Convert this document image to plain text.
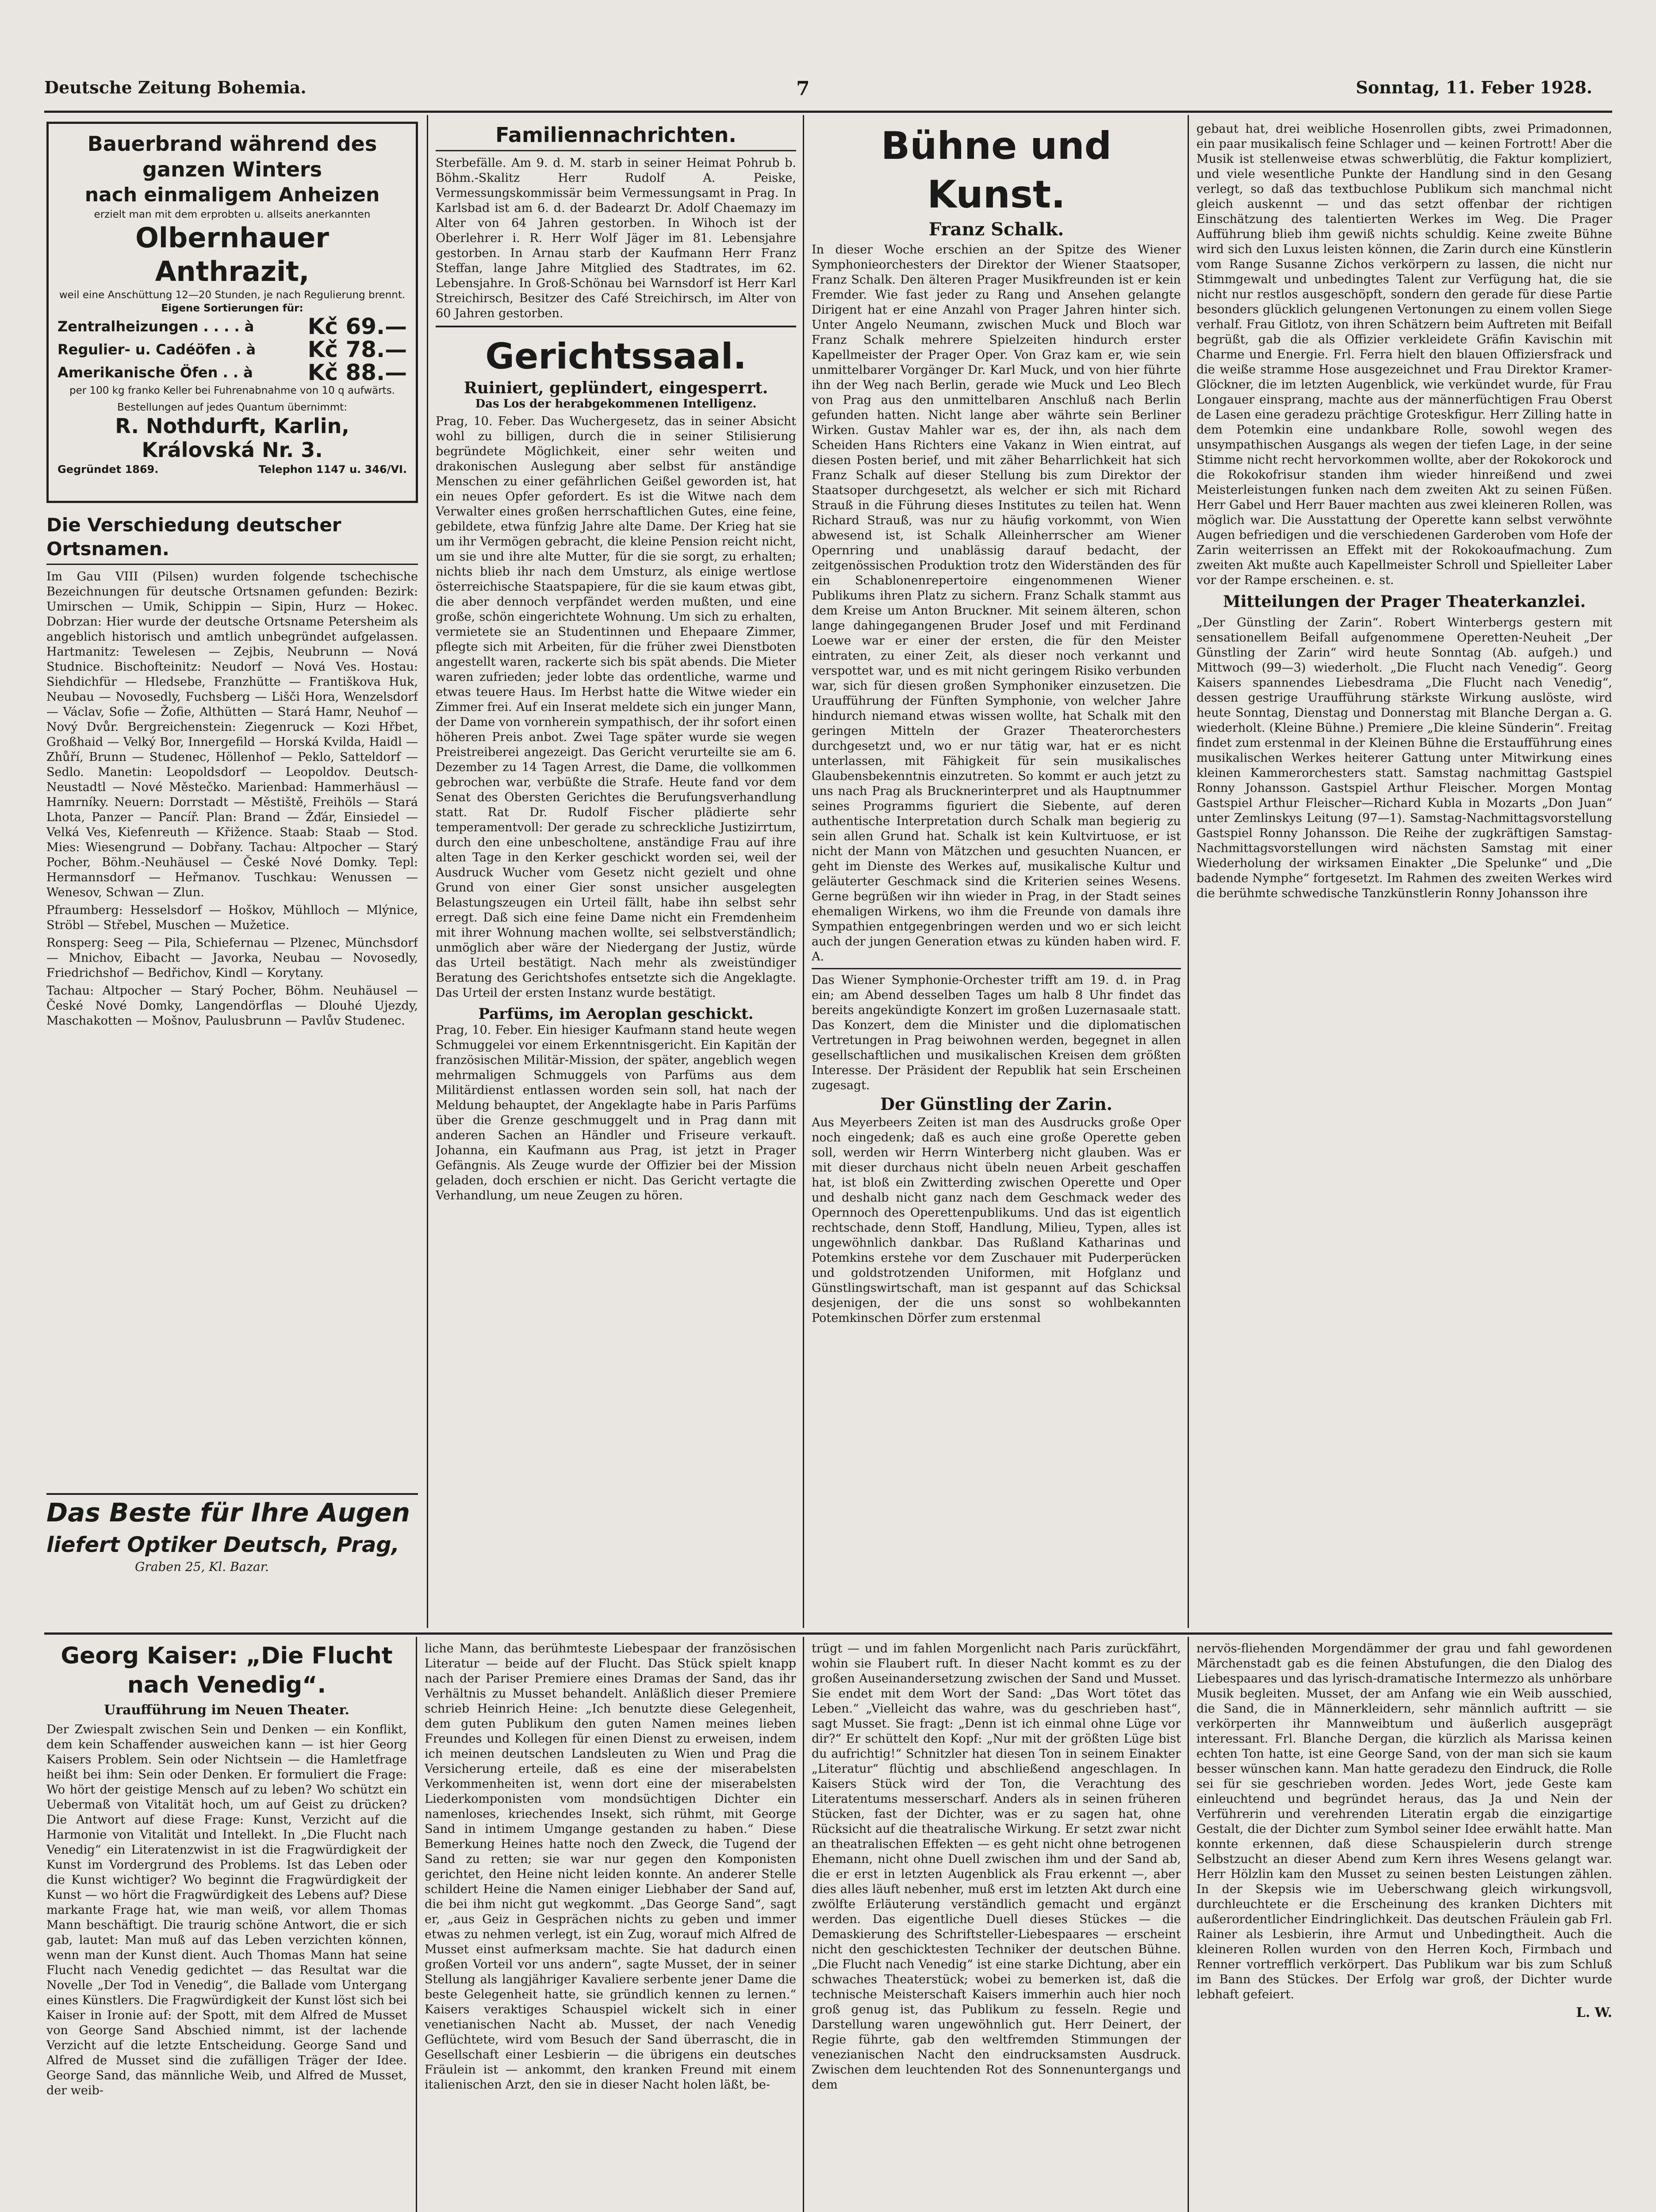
Deutsche Zeitung Bohemia.	7	Sonntag, 11. Feber 1928.
Bauerbrand während des ganzen Winters
nach einmaligem Anheizen
erzielt man mit dem erprobten u. allseits anerkannten
Olbernhauer Anthrazit,
weil eine Anschüttung 12—20 Stunden, je nach Regulierung brennt.
Eigene Sortierungen für:
Zentralheizungen . . . . à Kč 69.—
Regulier- u. Cadéöfen . à Kč 78.—
Amerikanische Öfen . . à Kč 88.—
per 100 kg franko Keller bei Fuhrenabnahme von 10 q aufwärts.
Bestellungen auf jedes Quantum übernimmt:
R. Nothdurft, Karlin, Královská Nr. 3.
Gegründet 1869.	Telephon 1147 u. 346/VI.
Die Verschiedung deutscher Ortsnamen.

Im Gau VIII (Pilsen) wurden folgende tschechische Bezeichnungen für deutsche Ortsnamen gefunden: Bezirk: Umirschen — Umik, Schippin — Sipin, Hurz — Hokec. Dobrzan: Hier wurde der deutsche Ortsname Petersheim als angeblich historisch und amtlich unbegründet aufgelassen. Hartmanitz: Tewelesen — Zejbis, Neubrunn — Nová Studnice. Bischofteinitz: Neudorf — Nová Ves. Hostau: Siehdichfür — Hledsebe, Franzhütte — Františkova Huk, Neubau — Novosedly, Fuchsberg — Lišči Hora, Wenzelsdorf — Václav, Sofie — Žofie, Althütten — Stará Hamr, Neuhof — Nový Dvůr. Bergreichenstein: Ziegenruck — Kozi Hřbet, Großhaid — Velký Bor, Innergefild — Horská Kvilda, Haidl — Zhůří, Brunn — Studenec, Höllenhof — Peklo, Satteldorf — Sedlo. Manetin: Leopoldsdorf — Leopoldov. Deutsch-Neustadtl — Nové Městečko. Marienbad: Hammerhäusl — Hamrníky. Neuern: Dorrstadt — Městiště, Freihöls — Stará Lhota, Panzer — Pancíř. Plan: Brand — Žďár, Einsiedel — Velká Ves, Kiefenreuth — Křižence. Staab: Staab — Stod. Mies: Wiesengrund — Dobřany. Tachau: Altpocher — Starý Pocher, Böhm.-Neuhäusel — České Nové Domky. Tepl: Hermannsdorf — Heřmanov. Tuschkau: Wenussen — Wenesov, Schwan — Zlun.

Pfraumberg: Hesselsdorf — Hoškov, Mühlloch — Mlýnice, Ströbl — Střebel, Muschen — Mužetice.

Ronsperg: Seeg — Pila, Schiefernau — Plzenec, Münchsdorf — Mnichov, Eibacht — Javorka, Neubau — Novosedly, Friedrichshof — Bedřichov, Kindl — Korytany.

Tachau: Altpocher — Starý Pocher, Böhm. Neuhäusel — České Nové Domky, Langendörflas — Dlouhé Ujezdy, Maschakotten — Mošnov, Paulusbrunn — Pavlův Studenec.

Das Beste für Ihre Augen
liefert Optiker Deutsch, Prag,
Graben 25, Kl. Bazar.
Familiennachrichten.

Sterbefälle. Am 9. d. M. starb in seiner Heimat Pohrub b. Böhm.-Skalitz Herr Rudolf A. Peiske, Vermessungskommissär beim Vermessungsamt in Prag. In Karlsbad ist am 6. d. der Badearzt Dr. Adolf Chaemazy im Alter von 64 Jahren gestorben. In Wihoch ist der Oberlehrer i. R. Herr Wolf Jäger im 81. Lebensjahre gestorben. In Arnau starb der Kaufmann Herr Franz Steffan, lange Jahre Mitglied des Stadtrates, im 62. Lebensjahre. In Groß-Schönau bei Warnsdorf ist Herr Karl Streichirsch, Besitzer des Café Streichirsch, im Alter von 60 Jahren gestorben.

Gerichtssaal.
Ruiniert, geplündert, eingesperrt.
Das Los der herabgekommenen Intelligenz.

Prag, 10. Feber. Das Wuchergesetz, das in seiner Absicht wohl zu billigen, durch die in seiner Stilisierung begründete Möglichkeit, einer sehr weiten und drakonischen Auslegung aber selbst für anständige Menschen zu einer gefährlichen Geißel geworden ist, hat ein neues Opfer gefordert. Es ist die Witwe nach dem Verwalter eines großen herrschaftlichen Gutes, eine feine, gebildete, etwa fünfzig Jahre alte Dame. Der Krieg hat sie um ihr Vermögen gebracht, die kleine Pension reicht nicht, um sie und ihre alte Mutter, für die sie sorgt, zu erhalten; nichts blieb ihr nach dem Umsturz, als einige wertlose österreichische Staatspapiere, für die sie kaum etwas gibt, die aber dennoch verpfändet werden mußten, und eine große, schön eingerichtete Wohnung. Um sich zu erhalten, vermietete sie an Studentinnen und Ehepaare Zimmer, pflegte sich mit Arbeiten, für die früher zwei Dienstboten angestellt waren, rackerte sich bis spät abends. Die Mieter waren zufrieden; jeder lobte das ordentliche, warme und etwas teuere Haus. Im Herbst hatte die Witwe wieder ein Zimmer frei. Auf ein Inserat meldete sich ein junger Mann, der Dame von vornherein sympathisch, der ihr sofort einen höheren Preis anbot. Zwei Tage später wurde sie wegen Preistreiberei angezeigt. Das Gericht verurteilte sie am 6. Dezember zu 14 Tagen Arrest, die Dame, die vollkommen gebrochen war, verbüßte die Strafe. Heute fand vor dem Senat des Obersten Gerichtes die Berufungsverhandlung statt. Rat Dr. Rudolf Fischer plädierte sehr temperamentvoll: Der gerade zu schreckliche Justizirrtum, durch den eine unbescholtene, anständige Frau auf ihre alten Tage in den Kerker geschickt worden sei, weil der Ausdruck Wucher vom Gesetz nicht gezielt und ohne Grund von einer Gier sonst unsicher ausgelegten Belastungszeugen ein Urteil fällt, habe ihn selbst sehr erregt. Daß sich eine feine Dame nicht ein Fremdenheim mit ihrer Wohnung machen wollte, sei selbstverständlich; unmöglich aber wäre der Niedergang der Justiz, würde das Urteil bestätigt. Nach mehr als zweistündiger Beratung des Gerichtshofes entsetzte sich die Angeklagte. Das Urteil der ersten Instanz wurde bestätigt.

Parfüms, im Aeroplan geschickt.

Prag, 10. Feber. Ein hiesiger Kaufmann stand heute wegen Schmuggelei vor einem Erkenntnisgericht. Ein Kapitän der französischen Militär-Mission, der später, angeblich wegen mehrmaligen Schmuggels von Parfüms aus dem Militärdienst entlassen worden sein soll, hat nach der Meldung behauptet, der Angeklagte habe in Paris Parfüms über die Grenze geschmuggelt und in Prag dann mit anderen Sachen an Händler und Friseure verkauft. Johanna, ein Kaufmann aus Prag, ist jetzt in Prager Gefängnis. Als Zeuge wurde der Offizier bei der Mission geladen, doch erschien er nicht. Das Gericht vertagte die Verhandlung, um neue Zeugen zu hören.

Bühne und Kunst.
Franz Schalk.

In dieser Woche erschien an der Spitze des Wiener Symphonieorchesters der Direktor der Wiener Staatsoper, Franz Schalk. Den älteren Prager Musikfreunden ist er kein Fremder. Wie fast jeder zu Rang und Ansehen gelangte Dirigent hat er eine Anzahl von Prager Jahren hinter sich. Unter Angelo Neumann, zwischen Muck und Bloch war Franz Schalk mehrere Spielzeiten hindurch erster Kapellmeister der Prager Oper. Von Graz kam er, wie sein unmittelbarer Vorgänger Dr. Karl Muck, und von hier führte ihn der Weg nach Berlin, gerade wie Muck und Leo Blech von Prag aus den unmittelbaren Anschluß nach Berlin gefunden hatten. Nicht lange aber währte sein Berliner Wirken. Gustav Mahler war es, der ihn, als nach dem Scheiden Hans Richters eine Vakanz in Wien eintrat, auf diesen Posten berief, und mit zäher Beharrlichkeit hat sich Franz Schalk auf dieser Stellung bis zum Direktor der Staatsoper durchgesetzt, als welcher er sich mit Richard Strauß in die Führung dieses Institutes zu teilen hat. Wenn Richard Strauß, was nur zu häufig vorkommt, von Wien abwesend ist, ist Schalk Alleinherrscher am Wiener Opernring und unablässig darauf bedacht, der zeitgenössischen Produktion trotz den Widerständen des für ein Schablonenrepertoire eingenommenen Wiener Publikums ihren Platz zu sichern. Franz Schalk stammt aus dem Kreise um Anton Bruckner. Mit seinem älteren, schon lange dahingegangenen Bruder Josef und mit Ferdinand Loewe war er einer der ersten, die für den Meister eintraten, zu einer Zeit, als dieser noch verkannt und verspottet war, und es mit nicht geringem Risiko verbunden war, sich für diesen großen Symphoniker einzusetzen. Die Uraufführung der Fünften Symphonie, von welcher Jahre hindurch niemand etwas wissen wollte, hat Schalk mit den geringen Mitteln der Grazer Theaterorchesters durchgesetzt und, wo er nur tätig war, hat er es nicht unterlassen, mit Fähigkeit für sein musikalisches Glaubensbekenntnis einzutreten. So kommt er auch jetzt zu uns nach Prag als Brucknerinterpret und als Hauptnummer seines Programms figuriert die Siebente, auf deren authentische Interpretation durch Schalk man begierig zu sein allen Grund hat. Schalk ist kein Kultvirtuose, er ist nicht der Mann von Mätzchen und gesuchten Nuancen, er geht im Dienste des Werkes auf, musikalische Kultur und geläuterter Geschmack sind die Kriterien seines Wesens. Gerne begrüßen wir ihn wieder in Prag, in der Stadt seines ehemaligen Wirkens, wo ihm die Freunde von damals ihre Sympathien entgegenbringen werden und wo er sich leicht auch der jungen Generation etwas zu künden haben wird. F. A.

Das Wiener Symphonie-Orchester trifft am 19. d. in Prag ein; am Abend desselben Tages um halb 8 Uhr findet das bereits angekündigte Konzert im großen Luzernasaale statt. Das Konzert, dem die Minister und die diplomatischen Vertretungen in Prag beiwohnen werden, begegnet in allen gesellschaftlichen und musikalischen Kreisen dem größten Interesse. Der Präsident der Republik hat sein Erscheinen zugesagt.

Der Günstling der Zarin.

Aus Meyerbeers Zeiten ist man des Ausdrucks große Oper noch eingedenk; daß es auch eine große Operette geben soll, werden wir Herrn Winterberg nicht glauben. Was er mit dieser durchaus nicht übeln neuen Arbeit geschaffen hat, ist bloß ein Zwitterding zwischen Operette und Oper und deshalb nicht ganz nach dem Geschmack weder des Opernnoch des Operettenpublikums. Und das ist eigentlich rechtschade, denn Stoff, Handlung, Milieu, Typen, alles ist ungewöhnlich dankbar. Das Rußland Katharinas und Potemkins erstehe vor dem Zuschauer mit Puderperücken und goldstrotzenden Uniformen, mit Hofglanz und Günstlingswirtschaft, man ist gespannt auf das Schicksal desjenigen, der die uns sonst so wohlbekannten Potemkinschen Dörfer zum erstenmal

gebaut hat, drei weibliche Hosenrollen gibts, zwei Primadonnen, ein paar musikalisch feine Schlager und — keinen Fortrott! Aber die Musik ist stellenweise etwas schwerblütig, die Faktur kompliziert, und viele wesentliche Punkte der Handlung sind in den Gesang verlegt, so daß das textbuchlose Publikum sich manchmal nicht gleich auskennt — und das setzt offenbar der richtigen Einschätzung des talentierten Werkes im Weg. Die Prager Aufführung blieb ihm gewiß nichts schuldig. Keine zweite Bühne wird sich den Luxus leisten können, die Zarin durch eine Künstlerin vom Range Susanne Zichos verkörpern zu lassen, die nicht nur Stimmgewalt und unbedingtes Talent zur Verfügung hat, die sie nicht nur restlos ausgeschöpft, sondern den gerade für diese Partie besonders glücklich gelungenen Vertonungen zu einem vollen Siege verhalf. Frau Gitlotz, von ihren Schätzern beim Auftreten mit Beifall begrüßt, gab die als Offizier verkleidete Gräfin Kavischin mit Charme und Energie. Frl. Ferra hielt den blauen Offiziersfrack und die weiße stramme Hose ausgezeichnet und Frau Direktor Kramer-Glöckner, die im letzten Augenblick, wie verkündet wurde, für Frau Longauer einsprang, machte aus der männerfüchtigen Frau Oberst de Lasen eine geradezu prächtige Groteskfigur. Herr Zilling hatte in dem Potemkin eine undankbare Rolle, sowohl wegen des unsympathischen Ausgangs als wegen der tiefen Lage, in der seine Stimme nicht recht hervorkommen wollte, aber der Rokokorock und die Rokokofrisur standen ihm wieder hinreißend und zwei Meisterleistungen funken nach dem zweiten Akt zu seinen Füßen. Herr Gabel und Herr Bauer machten aus zwei kleineren Rollen, was möglich war. Die Ausstattung der Operette kann selbst verwöhnte Augen befriedigen und die verschiedenen Garderoben vom Hofe der Zarin weiterrissen an Effekt mit der Rokokoaufmachung. Zum zweiten Akt mußte auch Kapellmeister Schroll und Spielleiter Laber vor der Rampe erscheinen. e. st.

Mitteilungen der Prager Theaterkanzlei.

„Der Günstling der Zarin“. Robert Winterbergs gestern mit sensationellem Beifall aufgenommene Operetten-Neuheit „Der Günstling der Zarin“ wird heute Sonntag (Ab. aufgeh.) und Mittwoch (99—3) wiederholt. „Die Flucht nach Venedig“. Georg Kaisers spannendes Liebesdrama „Die Flucht nach Venedig“, dessen gestrige Uraufführung stärkste Wirkung auslöste, wird heute Sonntag, Dienstag und Donnerstag mit Blanche Dergan a. G. wiederholt. (Kleine Bühne.) Premiere „Die kleine Sünderin“. Freitag findet zum erstenmal in der Kleinen Bühne die Erstaufführung eines musikalischen Werkes heiterer Gattung unter Mitwirkung eines kleinen Kammerorchesters statt. Samstag nachmittag Gastspiel Ronny Johansson. Gastspiel Arthur Fleischer. Morgen Montag Gastspiel Arthur Fleischer—Richard Kubla in Mozarts „Don Juan“ unter Zemlinskys Leitung (97—1). Samstag-Nachmittagsvorstellung Gastspiel Ronny Johansson. Die Reihe der zugkräftigen Samstag-Nachmittagsvorstellungen wird nächsten Samstag mit einer Wiederholung der wirksamen Einakter „Die Spelunke“ und „Die badende Nymphe“ fortgesetzt. Im Rahmen des zweiten Werkes wird die berühmte schwedische Tanzkünstlerin Ronny Johansson ihre

Georg Kaiser: „Die Flucht nach Venedig“.
Uraufführung im Neuen Theater.

Der Zwiespalt zwischen Sein und Denken — ein Konflikt, dem kein Schaffender ausweichen kann — ist hier Georg Kaisers Problem. Sein oder Nichtsein — die Hamletfrage heißt bei ihm: Sein oder Denken. Er formuliert die Frage: Wo hört der geistige Mensch auf zu leben? Wo schützt ein Uebermaß von Vitalität hoch, um auf Geist zu drücken? Die Antwort auf diese Frage: Kunst, Verzicht auf die Harmonie von Vitalität und Intellekt. In „Die Flucht nach Venedig“ ein Literatenzwist in ist die Fragwürdigkeit der Kunst im Vordergrund des Problems. Ist das Leben oder die Kunst wichtiger? Wo beginnt die Fragwürdigkeit der Kunst — wo hört die Fragwürdigkeit des Lebens auf? Diese markante Frage hat, wie man weiß, vor allem Thomas Mann beschäftigt. Die traurig schöne Antwort, die er sich gab, lautet: Man muß auf das Leben verzichten können, wenn man der Kunst dient. Auch Thomas Mann hat seine Flucht nach Venedig gedichtet — das Resultat war die Novelle „Der Tod in Venedig“, die Ballade vom Untergang eines Künstlers. Die Fragwürdigkeit der Kunst löst sich bei Kaiser in Ironie auf: der Spott, mit dem Alfred de Musset von George Sand Abschied nimmt, ist der lachende Verzicht auf die letzte Entscheidung. George Sand und Alfred de Musset sind die zufälligen Träger der Idee. George Sand, das männliche Weib, und Alfred de Musset, der weib-

liche Mann, das berühmteste Liebespaar der französischen Literatur — beide auf der Flucht. Das Stück spielt knapp nach der Pariser Premiere eines Dramas der Sand, das ihr Verhältnis zu Musset behandelt. Anläßlich dieser Premiere schrieb Heinrich Heine: „Ich benutzte diese Gelegenheit, dem guten Publikum den guten Namen meines lieben Freundes und Kollegen für einen Dienst zu erweisen, indem ich meinen deutschen Landsleuten zu Wien und Prag die Versicherung erteile, daß es eine der miserabelsten Verkommenheiten ist, wenn dort eine der miserabelsten Liederkomponisten vom mondsüchtigen Dichter ein namenloses, kriechendes Insekt, sich rühmt, mit George Sand in intimem Umgange gestanden zu haben.“ Diese Bemerkung Heines hatte noch den Zweck, die Tugend der Sand zu retten; sie war nur gegen den Komponisten gerichtet, den Heine nicht leiden konnte. An anderer Stelle schildert Heine die Namen einiger Liebhaber der Sand auf, die bei ihm nicht gut wegkommt. „Das George Sand“, sagt er, „aus Geiz in Gesprächen nichts zu geben und immer etwas zu nehmen verlegt, ist ein Zug, worauf mich Alfred de Musset einst aufmerksam machte. Sie hat dadurch einen großen Vorteil vor uns andern“, sagte Musset, der in seiner Stellung als langjähriger Kavaliere serbente jener Dame die beste Gelegenheit hatte, sie gründlich kennen zu lernen.“ Kaisers veraktiges Schauspiel wickelt sich in einer venetianischen Nacht ab. Musset, der nach Venedig Geflüchtete, wird vom Besuch der Sand überrascht, die in Gesellschaft einer Lesbierin — die übrigens ein deutsches Fräulein ist — ankommt, den kranken Freund mit einem italienischen Arzt, den sie in dieser Nacht holen läßt, be-

trügt — und im fahlen Morgenlicht nach Paris zurückfährt, wohin sie Flaubert ruft. In dieser Nacht kommt es zu der großen Auseinandersetzung zwischen der Sand und Musset. Sie endet mit dem Wort der Sand: „Das Wort tötet das Leben.“ „Vielleicht das wahre, was du geschrieben hast“, sagt Musset. Sie fragt: „Denn ist ich einmal ohne Lüge vor dir?“ Er schüttelt den Kopf: „Nur mit der größten Lüge bist du aufrichtig!“ Schnitzler hat diesen Ton in seinem Einakter „Literatur“ flüchtig und abschließend angeschlagen. In Kaisers Stück wird der Ton, die Verachtung des Literatentums messerscharf. Anders als in seinen früheren Stücken, fast der Dichter, was er zu sagen hat, ohne Rücksicht auf die theatralische Wirkung. Er setzt zwar nicht an theatralischen Effekten — es geht nicht ohne betrogenen Ehemann, nicht ohne Duell zwischen ihm und der Sand ab, die er erst in letzten Augenblick als Frau erkennt —, aber dies alles läuft nebenher, muß erst im letzten Akt durch eine zwölfte Erläuterung verständlich gemacht und ergänzt werden. Das eigentliche Duell dieses Stückes — die Demaskierung des Schriftsteller-Liebespaares — erscheint nicht den geschicktesten Techniker der deutschen Bühne. „Die Flucht nach Venedig“ ist eine starke Dichtung, aber ein schwaches Theaterstück; wobei zu bemerken ist, daß die technische Meisterschaft Kaisers immerhin auch hier noch groß genug ist, das Publikum zu fesseln. Regie und Darstellung waren ungewöhnlich gut. Herr Deinert, der Regie führte, gab den weltfremden Stimmungen der venezianischen Nacht den eindrucksamsten Ausdruck. Zwischen dem leuchtenden Rot des Sonnenuntergangs und dem

nervös-fliehenden Morgendämmer der grau und fahl gewordenen Märchenstadt gab es die feinen Abstufungen, die den Dialog des Liebespaares und das lyrisch-dramatische Intermezzo als unhörbare Musik begleiten. Musset, der am Anfang wie ein Weib ausschied, die Sand, die in Männerkleidern, sehr männlich auftritt — sie verkörperten ihr Mannweibtum und äußerlich ausgeprägt interessant. Frl. Blanche Dergan, die kürzlich als Marissa keinen echten Ton hatte, ist eine George Sand, von der man sich sie kaum besser wünschen kann. Man hatte geradezu den Eindruck, die Rolle sei für sie geschrieben worden. Jedes Wort, jede Geste kam einleuchtend und begründet heraus, das Ja und Nein der Verführerin und verehrenden Literatin ergab die einzigartige Gestalt, die der Dichter zum Symbol seiner Idee erwählt hatte. Man konnte erkennen, daß diese Schauspielerin durch strenge Selbstzucht an dieser Abend zum Kern ihres Wesens gelangt war. Herr Hölzlin kam den Musset zu seinen besten Leistungen zählen. In der Skepsis wie im Ueberschwang gleich wirkungsvoll, durchleuchtete er die Erscheinung des kranken Dichters mit außerordentlicher Eindringlichkeit. Das deutschen Fräulein gab Frl. Rainer als Lesbierin, ihre Armut und Unbedingtheit. Auch die kleineren Rollen wurden von den Herren Koch, Firmbach und Renner vortrefflich verkörpert. Das Publikum war bis zum Schluß im Bann des Stückes. Der Erfolg war groß, der Dichter wurde lebhaft gefeiert.

L. W.
